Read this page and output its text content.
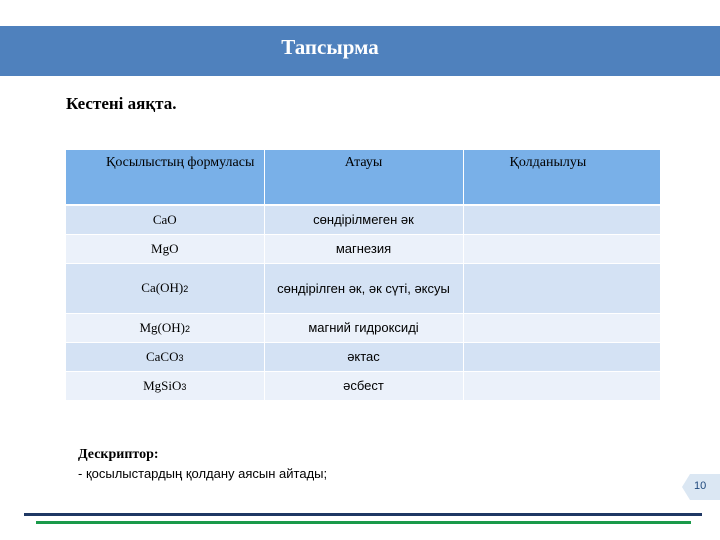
Тапсырма
Кестені аяқта.
Қосылыстың формуласы	Атауы	Қолданылуы
CaO	сөндірілмеген әк	
MgO	магнезия	
Ca(OH)2	сөндірілген әк, әк сүті, әксуы	
Mg(OH)2	магний гидроксиді	
CaCO3	әктас	
MgSiO3	әсбест	
Дескриптор:
- қосылыстардың қолдану аясын айтады;
10
